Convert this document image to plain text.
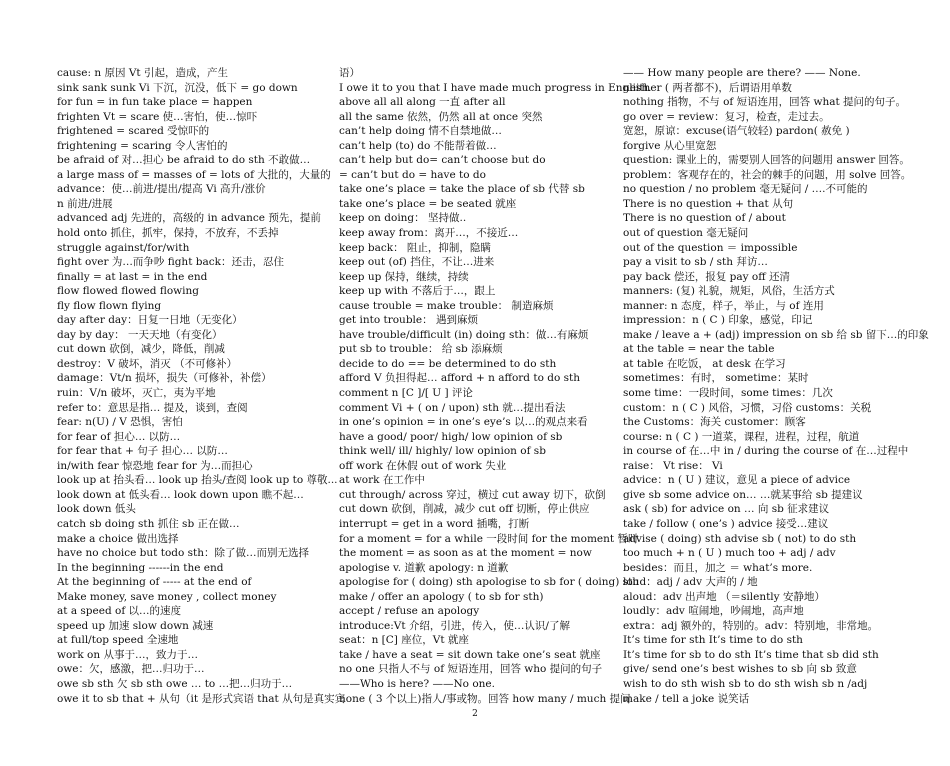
cause: n 原因 Vt 引起，造成，产生
sink sank sunk Vi 下沉，沉没，低下 = go down
for fun = in fun take place = happen
frighten Vt = scare 使…害怕，使…惊吓
frightened = scared 受惊吓的
frightening = scaring 令人害怕的
be afraid of 对…担心 be afraid to do sth 不敢做…
a large mass of = masses of = lots of 大批的，大量的
advance：使…前进/提出/提高 Vi 高升/涨价
n 前进/进展
advanced adj 先进的，高级的 in advance 预先，提前
hold onto 抓住，抓牢，保持，不放弃，不丢掉
struggle against/for/with
fight over 为…而争吵 fight back：还击，忍住
finally = at last = in the end
flow flowed flowed flowing
fly flow flown flying
day after day：日复一日地（无变化）
day by day： 一天天地（有变化）
cut down 砍倒，减少，降低，削减
destroy：V 破坏，消灭 （不可修补）
damage：Vt/n 损坏，损失（可修补，补偿）
ruin：V/n 破坏，灭亡，夷为平地
refer to：意思是指… 提及，谈到，查阅
fear: n(U) / V 恐惧，害怕
for fear of 担心… 以防…
for fear that + 句子 担心… 以防…
in/with fear 惊恐地 fear for 为…而担心
look up at 抬头看… look up 抬头/查阅 look up to 尊敬...
look down at 低头看… look down upon 瞧不起…
look down 低头
catch sb doing sth 抓住 sb 正在做…
make a choice 做出选择
have no choice but todo sth：除了做…而别无选择
In the beginning ------in the end
At the beginning of ----- at the end of
Make money, save money , collect money
at a speed of 以…的速度
speed up 加速 slow down 减速
at full/top speed 全速地
work on 从事于…，致力于…
owe：欠，感激，把…归功于…
owe sb sth 欠 sb sth owe … to …把…归功于…
owe it to sb that + 从句（it 是形式宾语 that 从句是真实宾
语）
I owe it to you that I have made much progress in English.
above all all along 一直 after all
all the same 依然，仍然 all at once 突然
can’t help doing 情不自禁地做…
can’t help (to) do 不能帮着做…
can’t help but do= can’t choose but do
= can’t but do = have to do
take one’s place = take the place of sb 代替 sb
take one’s place = be seated 就座
keep on doing： 坚持做..
keep away from：离开…，不接近…
keep back： 阻止，抑制，隐瞒
keep out (of) 挡住，不让…进来
keep up 保持，继续，持续
keep up with 不落后于…，跟上
cause trouble = make trouble： 制造麻烦
get into trouble： 遇到麻烦
have trouble/difficult (in) doing sth：做…有麻烦
put sb to trouble： 给 sb 添麻烦
decide to do == be determined to do sth
afford V 负担得起… afford + n afford to do sth
comment n [C ]/[ U ] 评论
comment Vi + ( on / upon) sth 就…提出看法
in one’s opinion = in one’s eye’s 以…的观点来看
have a good/ poor/ high/ low opinion of sb
think well/ ill/ highly/ low opinion of sb
off work 在休假 out of work 失业
at work 在工作中
cut through/ across 穿过，横过 cut away 切下，砍倒
cut down 砍倒，削减，减少 cut off 切断，停止供应
interrupt = get in a word 插嘴，打断
for a moment = for a while 一段时间 for the moment 暂时
the moment = as soon as at the moment = now
apologise v. 道歉 apology: n 道歉
apologise for ( doing) sth apologise to sb for ( doing) sth
make / offer an apology ( to sb for sth)
accept / refuse an apology
introduce:Vt 介绍，引进，传入，使…认识/了解
seat：n [C] 座位，Vt 就座
take / have a seat = sit down take one’s seat 就座
no one 只指人不与 of 短语连用，回答 who 提问的句子
——Who is here? ——No one.
none ( 3 个以上)指人/事或物。回答 how many / much 提问
—— How many people are there? —— None.
neither ( 两者都不)，后谓语用单数
nothing 指物，不与 of 短语连用，回答 what 提问的句子。
go over = review：复习，检查，走过去。
宽恕，原谅：excuse(语气较轻) pardon( 赦免 )
forgive 从心里宽恕
question: 课业上的，需要别人回答的问题用 answer 回答。
problem：客观存在的，社会的棘手的问题，用 solve 回答。
no question / no problem 毫无疑问 / ….不可能的
There is no question + that 从句
There is no question of / about
out of question 毫无疑问
out of the question ＝ impossible
pay a visit to sb / sth 拜访…
pay back 偿还，报复 pay off 还清
manners: (复) 礼貌，规矩，风俗，生活方式
manner: n 态度，样子，举止，与 of 连用
impression：n ( C ) 印象，感觉，印记
make / leave a + (adj) impression on sb 给 sb 留下…的印象
at the table = near the table
at table 在吃饭， at desk 在学习
sometimes：有时， sometime：某时
some time：一段时间，some times：几次
custom：n ( C ) 风俗，习惯，习俗 customs：关税
the Customs：海关 customer：顾客
course: n ( C ) 一道菜，课程，进程，过程，航道
in course of 在…中 in / during the course of 在…过程中
raise： Vt rise： Vi
advice：n ( U ) 建议，意见 a piece of advice
give sb some advice on… …就某事给 sb 提建议
ask ( sb) for advice on … 向 sb 征求建议
take / follow ( one’s ) advice 接受…建议
advise ( doing) sth advise sb ( not) to do sth
too much + n ( U ) much too + adj / adv
besides：而且，加之 ＝ what’s more.
loud：adj / adv 大声的 / 地
aloud：adv 出声地 （＝silently 安静地）
loudly：adv 喧闹地，吵闹地，高声地
extra：adj 额外的，特别的。adv：特别地，非常地。
It’s time for sth It’s time to do sth
It’s time for sb to do sth It’s time that sb did sth
give/ send one’s best wishes to sb 向 sb 致意
wish to do sth wish sb to do sth wish sb n /adj
make / tell a joke 说笑话
2
